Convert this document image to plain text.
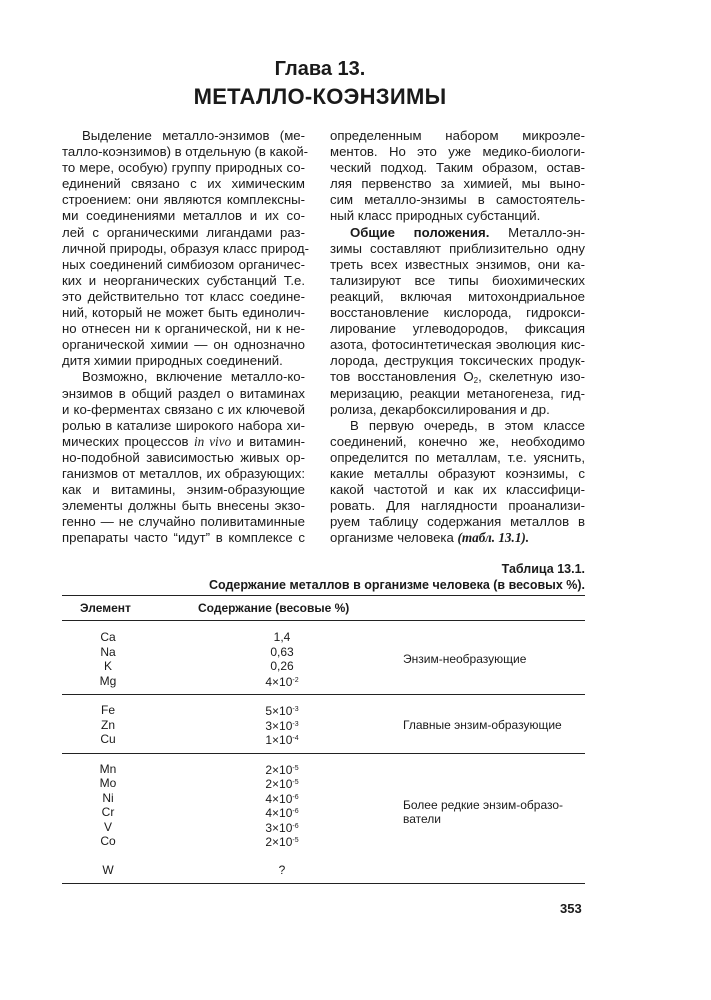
Глава 13.
МЕТАЛЛО-КОЭНЗИМЫ
Выделение металло-энзимов (ме-
талло-коэнзимов) в отдельную (в какой-
то мере, особую) группу природных со-
единений связано с их химическим
строением: они являются комплексны-
ми соединениями металлов и их со-
лей с органическими лигандами раз-
личной природы, образуя класс природ-
ных соединений симбиозом органичес-
ких и неорганических субстанций Т.е.
это действительно тот класс соедине-
ний, который не может быть единолич-
но отнесен ни к органической, ни к не-
органической химии — он однозначно
дитя химии природных соединений.
Возможно, включение металло-ко-
энзимов в общий раздел о витаминах
и ко-ферментах связано с их ключевой
ролью в катализе широкого набора хи-
мических процессов in vivo и витамин-
но-подобной зависимостью живых ор-
ганизмов от металлов, их образующих:
как и витамины, энзим-образующие
элементы должны быть внесены экзо-
генно — не случайно поливитаминные
препараты часто “идут” в комплексе с
определенным набором микроэле-
ментов. Но это уже медико-биологи-
ческий подход. Таким образом, остав-
ляя первенство за химией, мы выно-
сим металло-энзимы в самостоятель-
ный класс природных субстанций.
Общие положения. Металло-эн-
зимы составляют приблизительно одну
треть всех известных энзимов, они ка-
тализируют все типы биохимических
реакций, включая митохондриальное
восстановление кислорода, гидрокси-
лирование углеводородов, фиксация
азота, фотосинтетическая эволюция кис-
лорода, деструкция токсических продук-
тов восстановления $O_2$, скелетную изо-
меризацию, реакции метаногенеза, гид-
ролиза, декарбоксилирования и др.
В первую очередь, в этом классе
соединений, конечно же, необходимо
определится по металлам, т.е. уяснить,
какие металлы образуют коэнзимы, с
какой частотой и как их классифици-
ровать. Для наглядности проанализи-
руем таблицу содержания металлов в
организме человека (табл. 13.1).
Таблица 13.1.
Содержание металлов в организме человека (в весовых %).
Элемент	Содержание (весовые %)
Ca	1,4
Na	0,63
K	0,26
Mg	$4\times 10^{-2}$
Энзим-необразующие
Fe	$5\times 10^{-3}$
Zn	$3\times 10^{-3}$
Cu	$1\times 10^{-4}$
Главные энзим-образующие
Mn	$2\times 10^{-5}$
Mo	$2\times 10^{-5}$
Ni	$4\times 10^{-6}$
Cr	$4\times 10^{-6}$
V	$3\times 10^{-6}$
Co	$2\times 10^{-5}$
W	?
Более редкие энзим-образо-
ватели
353
